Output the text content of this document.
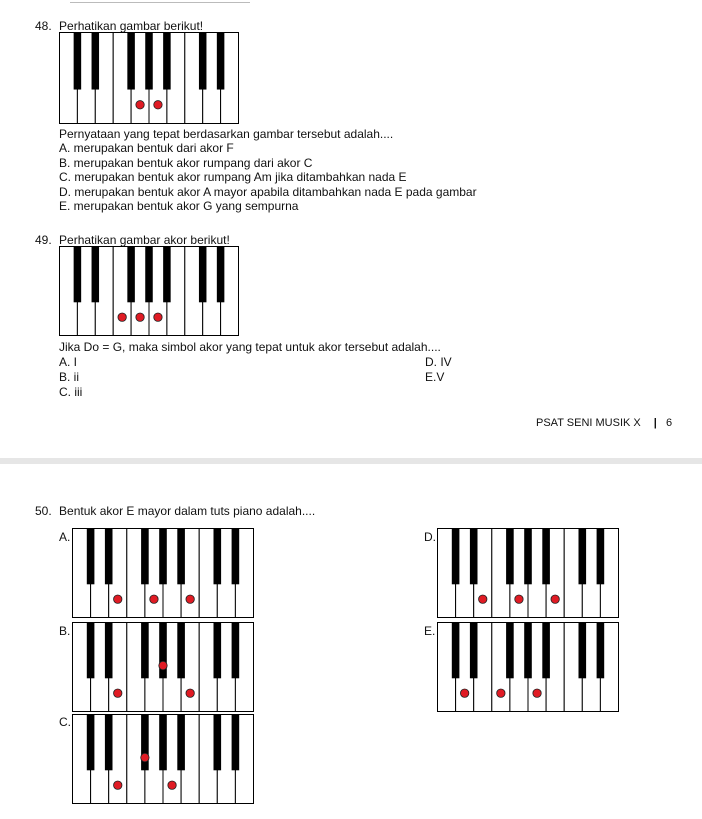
48. Perhatikan gambar berikut!
Pernyataan yang tepat berdasarkan gambar tersebut adalah....
A. merupakan bentuk dari akor F
B. merupakan bentuk akor rumpang dari akor C
C. merupakan bentuk akor rumpang Am jika ditambahkan nada E
D. merupakan bentuk akor A mayor apabila ditambahkan nada E pada gambar
E. merupakan bentuk akor G yang sempurna
49. Perhatikan gambar akor berikut!
Jika Do = G, maka simbol akor yang tepat untuk akor tersebut adalah....
A. I
B. ii
C. iii
D. IV
E.V
PSAT SENI MUSIK X | 6
50. Bentuk akor E mayor dalam tuts piano adalah....
A.
B.
C.
D.
E.
